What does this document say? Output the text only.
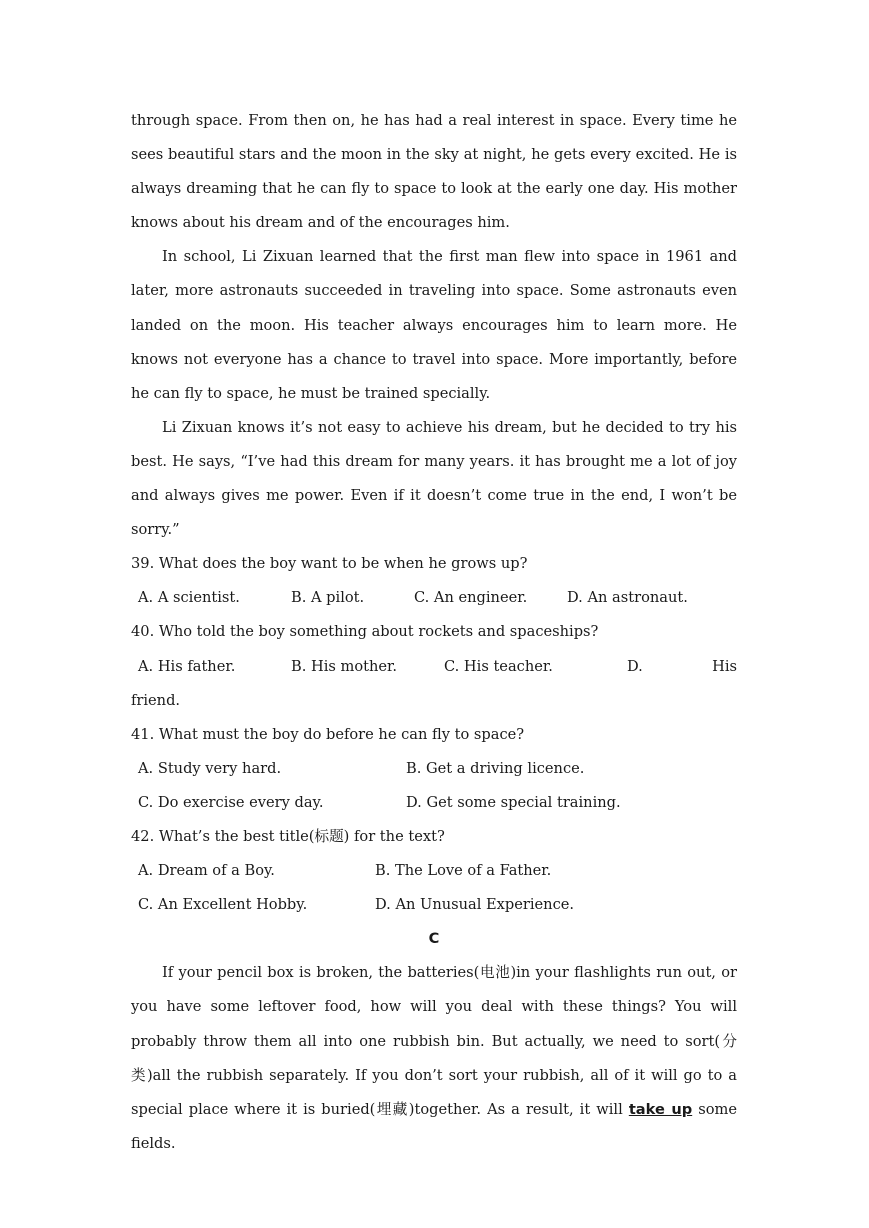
through space. From then on, he has had a real interest in space. Every time he sees beautiful stars and the moon in the sky at night, he gets every excited. He is always dreaming that he can fly to space to look at the early one day. His mother knows about his dream and of the encourages him.

In school, Li Zixuan learned that the first man flew into space in 1961 and later, more astronauts succeeded in traveling into space. Some astronauts even landed on the moon. His teacher always encourages him to learn more. He knows not everyone has a chance to travel into space. More importantly, before he can fly to space, he must be trained specially.

Li Zixuan knows it’s not easy to achieve his dream, but he decided to try his best. He says, “I’ve had this dream for many years. it has brought me a lot of joy and always gives me power. Even if it doesn’t come true in the end, I won’t be sorry.”

39. What does the boy want to be when he grows up?

A. A scientist.	B. A pilot.	C. An engineer.	D. An astronaut.

40. Who told the boy something about rockets and spaceships?

A. His father.	B. His mother.	C. His teacher.	D.	His

friend.

41. What must the boy do before he can fly to space?

A. Study very hard.	B. Get a driving licence.
C. Do exercise every day.	D. Get some special training.

42. What’s the best title(标题) for the text?

A. Dream of a Boy.	B. The Love of a Father.
C. An Excellent Hobby.	D. An Unusual Experience.

C

If your pencil box is broken, the batteries(电池)in your flashlights run out, or you have some leftover food, how will you deal with these things? You will probably throw them all into one rubbish bin. But actually, we need to sort(分类)all the rubbish separately. If you don’t sort your rubbish, all of it will go to a special place where it is buried(埋藏)together. As a result, it will take up some fields.
